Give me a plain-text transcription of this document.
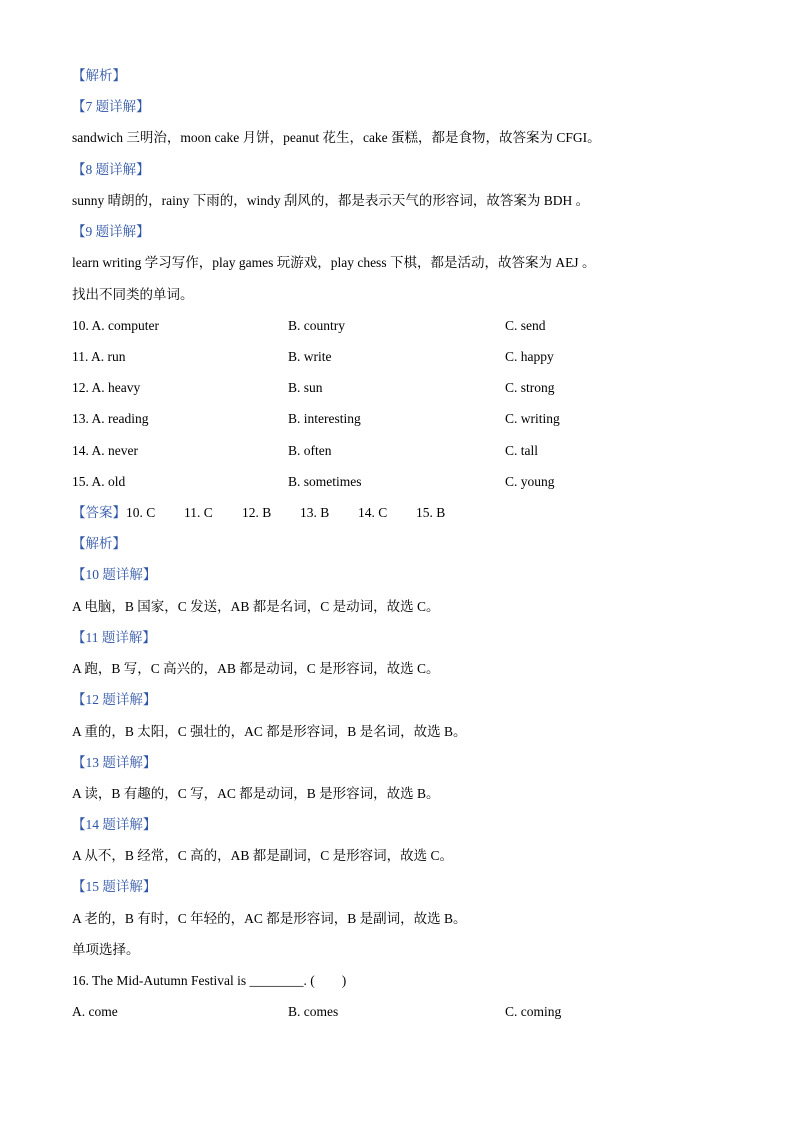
【解析】
【7 题详解】
sandwich 三明治，moon cake 月饼，peanut 花生，cake 蛋糕，都是食物，故答案为 CFGI。
【8 题详解】
sunny 晴朗的，rainy 下雨的，windy 刮风的，都是表示天气的形容词，故答案为 BDH 。
【9 题详解】
learn writing 学习写作，play games 玩游戏，play chess 下棋，都是活动，故答案为 AEJ 。
找出不同类的单词。
10. A. computer	B. country	C. send
11. A. run	B. write	C. happy
12. A. heavy	B. sun	C. strong
13. A. reading	B. interesting	C. writing
14. A. never	B. often	C. tall
15. A. old	B. sometimes	C. young
【答案】10. C 11. C 12. B 13. B 14. C 15. B
【解析】
【10 题详解】
A 电脑，B 国家，C 发送，AB 都是名词，C 是动词，故选 C。
【11 题详解】
A 跑，B 写，C 高兴的，AB 都是动词，C 是形容词，故选 C。
【12 题详解】
A 重的，B 太阳，C 强壮的，AC 都是形容词，B 是名词，故选 B。
【13 题详解】
A 读，B 有趣的，C 写，AC 都是动词，B 是形容词，故选 B。
【14 题详解】
A 从不，B 经常，C 高的，AB 都是副词，C 是形容词，故选 C。
【15 题详解】
A 老的，B 有时，C 年轻的，AC 都是形容词，B 是副词，故选 B。
单项选择。
16. The Mid-Autumn Festival is ________. (　　)
A. come	B. comes	C. coming
